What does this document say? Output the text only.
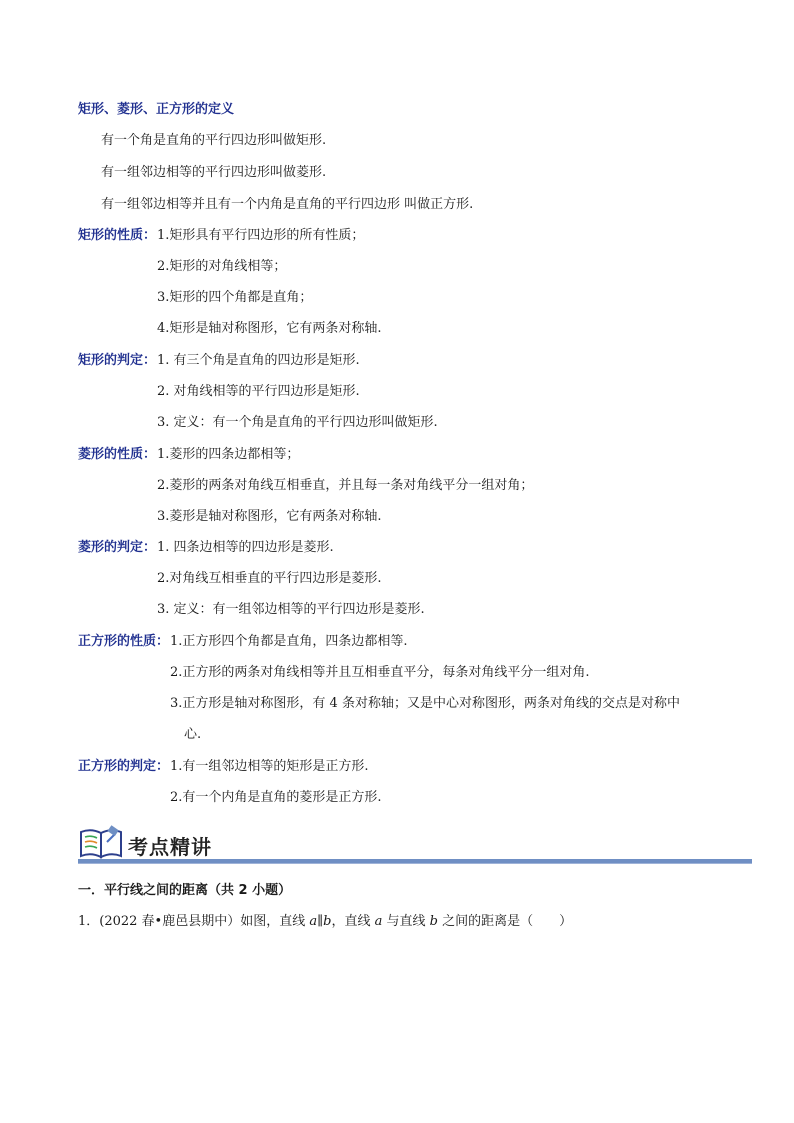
矩形、菱形、正方形的定义
有一个角是直角的平行四边形叫做矩形.
有一组邻边相等的平行四边形叫做菱形.
有一组邻边相等并且有一个内角是直角的平行四边形 叫做正方形.
矩形的性质： 1.矩形具有平行四边形的所有性质；
2.矩形的对角线相等；
3.矩形的四个角都是直角；
4.矩形是轴对称图形，它有两条对称轴.
矩形的判定： 1. 有三个角是直角的四边形是矩形.
2. 对角线相等的平行四边形是矩形.
3. 定义：有一个角是直角的平行四边形叫做矩形.
菱形的性质： 1.菱形的四条边都相等；
2.菱形的两条对角线互相垂直，并且每一条对角线平分一组对角；
3.菱形是轴对称图形，它有两条对称轴.
菱形的判定： 1. 四条边相等的四边形是菱形.
2.对角线互相垂直的平行四边形是菱形.
3. 定义：有一组邻边相等的平行四边形是菱形.
正方形的性质： 1.正方形四个角都是直角，四条边都相等.
2.正方形的两条对角线相等并且互相垂直平分，每条对角线平分一组对角.
3.正方形是轴对称图形，有 4 条对称轴；又是中心对称图形，两条对角线的交点是对称中
心.
正方形的判定： 1.有一组邻边相等的矩形是正方形.
2.有一个内角是直角的菱形是正方形.
考点精讲
一．平行线之间的距离（共 2 小题）
1．(2022 春•鹿邑县期中）如图，直线 a∥b，直线 a 与直线 b 之间的距离是（　　）
